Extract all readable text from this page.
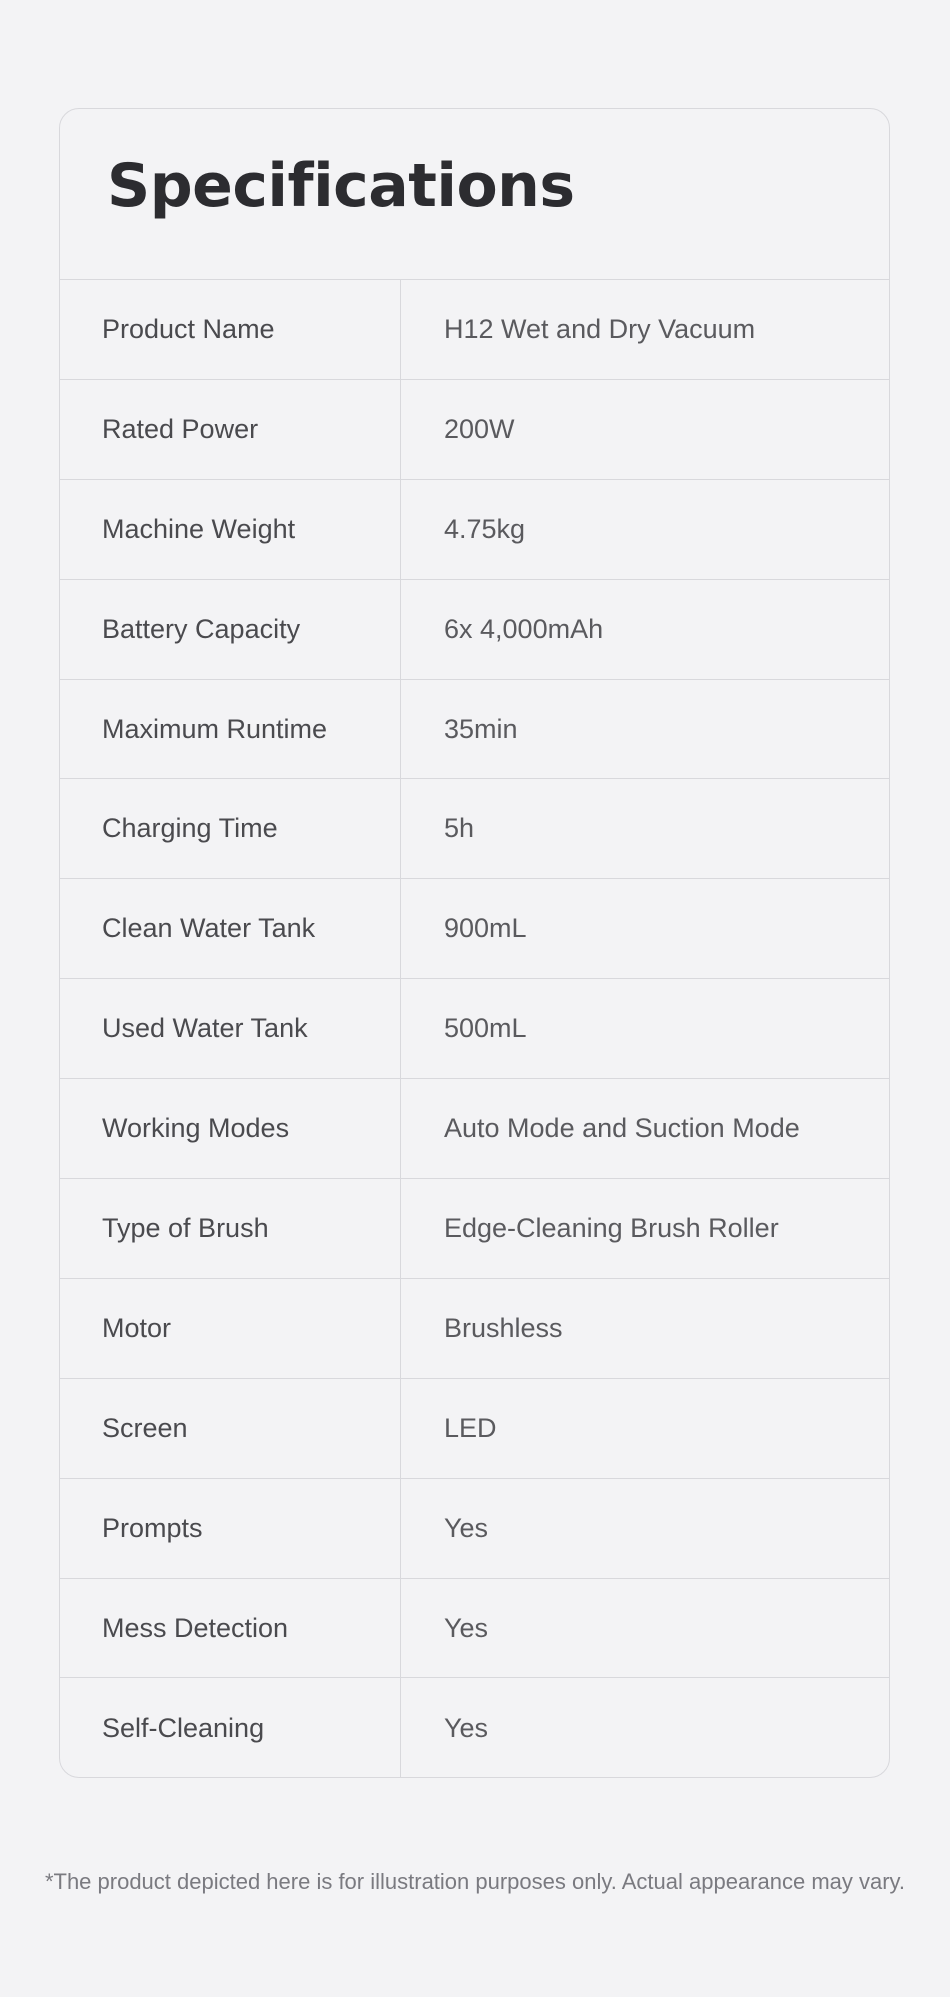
Specifications
Product Name	H12 Wet and Dry Vacuum
Rated Power	200W
Machine Weight	4.75kg
Battery Capacity	6x 4,000mAh
Maximum Runtime	35min
Charging Time	5h
Clean Water Tank	900mL
Used Water Tank	500mL
Working Modes	Auto Mode and Suction Mode
Type of Brush	Edge-Cleaning Brush Roller
Motor	Brushless
Screen	LED
Prompts	Yes
Mess Detection	Yes
Self-Cleaning	Yes
*The product depicted here is for illustration purposes only. Actual appearance may vary.
